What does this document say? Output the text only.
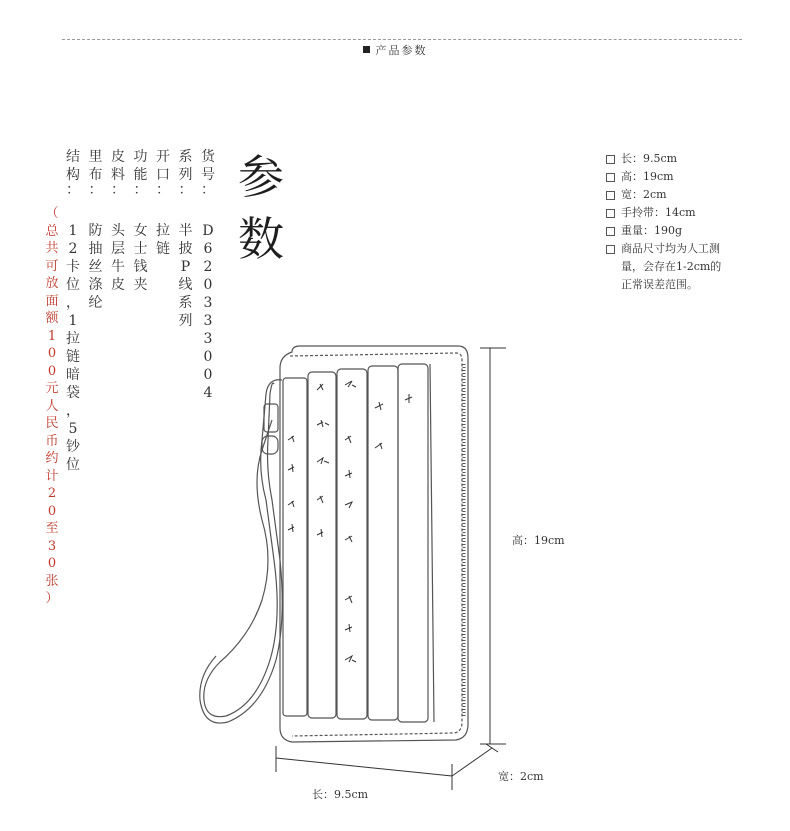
产品参数
货
号
：
D
6
2
0
3
3
3
0
0
4
系
列
：
半
披
P
线
系
列
开
口
：
拉
链
功
能
：
女
士
钱
夹
皮
料
：
头
层
牛
皮
里
布
：
防
抽
丝
涤
纶
结
构
：
1
2
卡
位
，
1
拉
链
暗
袋
，
5
钞
位
（
总
共
可
放
面
额
1
0
0
元
人
民
币
约
计
2
0
至
3
0
张
）
参
数
长：9.5cm
高：19cm
宽：2cm
手拎带：14cm
重量：190g
商品尺寸均为人工测
量，会存在1-2cm的
正常误差范围。
高：19cm
宽：2cm
长：9.5cm
